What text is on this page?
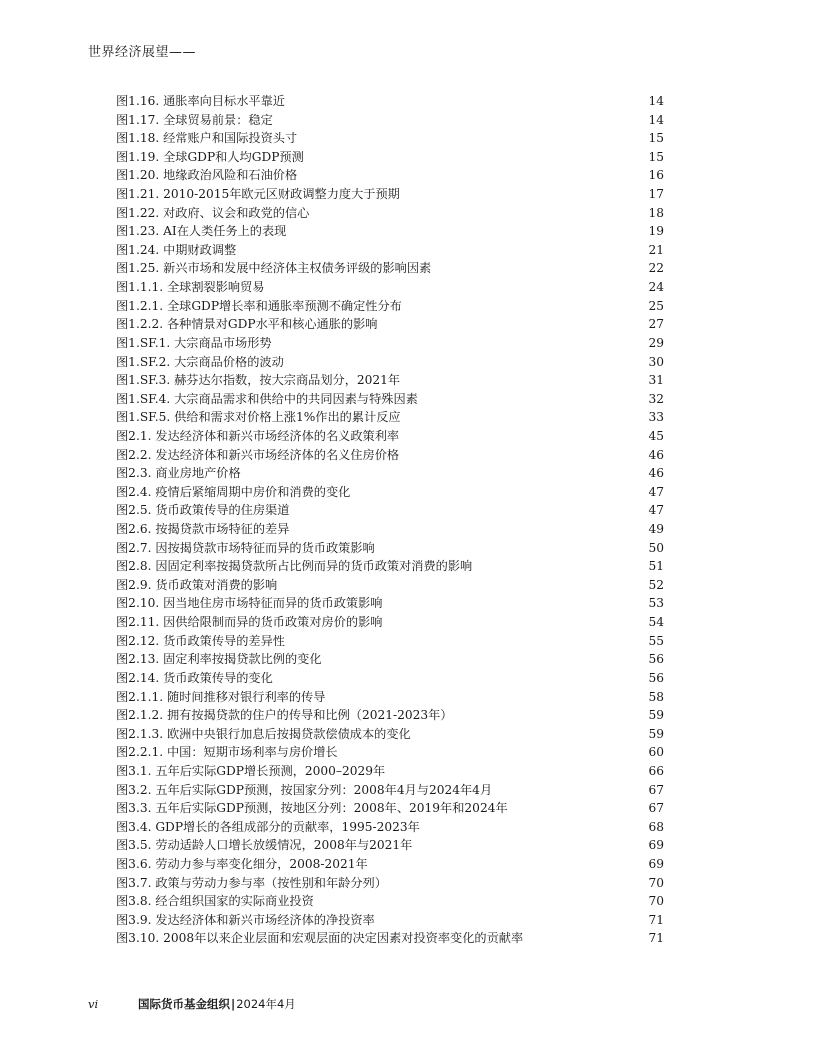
世界经济展望——
图1.16. 通胀率向目标水平靠近	14
图1.17. 全球贸易前景：稳定	14
图1.18. 经常账户和国际投资头寸	15
图1.19. 全球GDP和人均GDP预测	15
图1.20. 地缘政治风险和石油价格	16
图1.21. 2010-2015年欧元区财政调整力度大于预期	17
图1.22. 对政府、议会和政党的信心	18
图1.23. AI在人类任务上的表现	19
图1.24. 中期财政调整	21
图1.25. 新兴市场和发展中经济体主权债务评级的影响因素	22
图1.1.1. 全球割裂影响贸易	24
图1.2.1. 全球GDP增长率和通胀率预测不确定性分布	25
图1.2.2. 各种情景对GDP水平和核心通胀的影响	27
图1.SF.1. 大宗商品市场形势	29
图1.SF.2. 大宗商品价格的波动	30
图1.SF.3. 赫芬达尔指数，按大宗商品划分，2021年	31
图1.SF.4. 大宗商品需求和供给中的共同因素与特殊因素	32
图1.SF.5. 供给和需求对价格上涨1%作出的累计反应	33
图2.1. 发达经济体和新兴市场经济体的名义政策利率	45
图2.2. 发达经济体和新兴市场经济体的名义住房价格	46
图2.3. 商业房地产价格	46
图2.4. 疫情后紧缩周期中房价和消费的变化	47
图2.5. 货币政策传导的住房渠道	47
图2.6. 按揭贷款市场特征的差异	49
图2.7. 因按揭贷款市场特征而异的货币政策影响	50
图2.8. 因固定利率按揭贷款所占比例而异的货币政策对消费的影响	51
图2.9. 货币政策对消费的影响	52
图2.10. 因当地住房市场特征而异的货币政策影响	53
图2.11. 因供给限制而异的货币政策对房价的影响	54
图2.12. 货币政策传导的差异性	55
图2.13. 固定利率按揭贷款比例的变化	56
图2.14. 货币政策传导的变化	56
图2.1.1. 随时间推移对银行利率的传导	58
图2.1.2. 拥有按揭贷款的住户的传导和比例（2021-2023年）	59
图2.1.3. 欧洲中央银行加息后按揭贷款偿债成本的变化	59
图2.2.1. 中国：短期市场利率与房价增长	60
图3.1. 五年后实际GDP增长预测，2000–2029年	66
图3.2. 五年后实际GDP预测，按国家分列：2008年4月与2024年4月	67
图3.3. 五年后实际GDP预测，按地区分列：2008年、2019年和2024年	67
图3.4. GDP增长的各组成部分的贡献率，1995-2023年	68
图3.5. 劳动适龄人口增长放缓情况，2008年与2021年	69
图3.6. 劳动力参与率变化细分，2008-2021年	69
图3.7. 政策与劳动力参与率（按性别和年龄分列）	70
图3.8. 经合组织国家的实际商业投资	70
图3.9. 发达经济体和新兴市场经济体的净投资率	71
图3.10. 2008年以来企业层面和宏观层面的决定因素对投资率变化的贡献率	71
vi	国际货币基金组织 | 2024年4月
